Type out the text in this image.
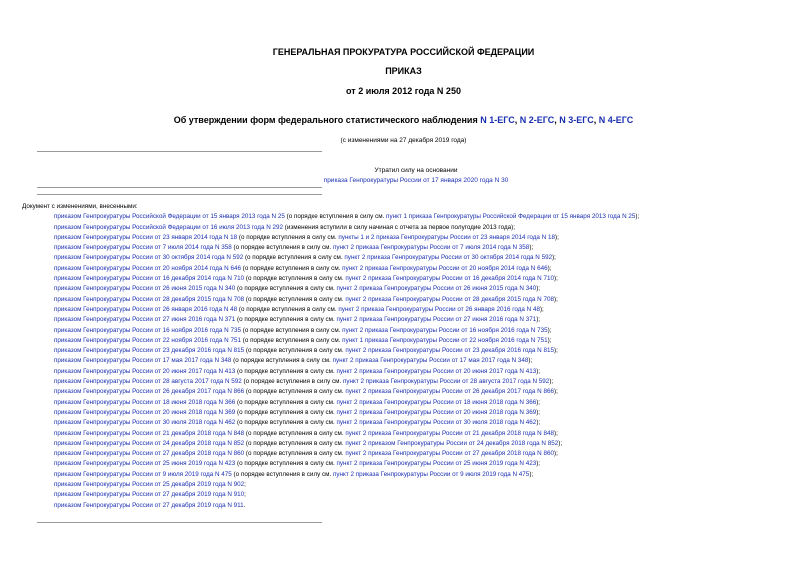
ГЕНЕРАЛЬНАЯ ПРОКУРАТУРА РОССИЙСКОЙ ФЕДЕРАЦИИ
ПРИКАЗ
от 2 июля 2012 года N 250
Об утверждении форм федерального статистического наблюдения N 1-ЕГС, N 2-ЕГС, N 3-ЕГС, N 4-ЕГС
(с изменениями на 27 декабря 2019 года)
Утратил силу на основании
приказа Генпрокуратуры России от 17 января 2020 года N 30
Документ с изменениями, внесенными:
приказом Генпрокуратуры Российской Федерации от 15 января 2013 года N 25 (о порядке вступления в силу см. пункт 1 приказа Генпрокуратуры Российской Федерации от 15 января 2013 года N 25);
приказом Генпрокуратуры Российской Федерации от 16 июля 2013 года N 292 (изменения вступили в силу начиная с отчета за первое полугодие 2013 года);
приказом Генпрокуратуры России от 23 января 2014 года N 18 (о порядке вступления в силу см. пункты 1 и 2 приказа Генпрокуратуры России от 23 января 2014 года N 18);
приказом Генпрокуратуры России от 7 июля 2014 года N 358 (о порядке вступления в силу см. пункт 2 приказа Генпрокуратуры России от 7 июля 2014 года N 358);
приказом Генпрокуратуры России от 30 октября 2014 года N 592 (о порядке вступления в силу см. пункт 2 приказа Генпрокуратуры России от 30 октября 2014 года N 592);
приказом Генпрокуратуры России от 20 ноября 2014 года N 646 (о порядке вступления в силу см. пункт 2 приказа Генпрокуратуры России от 20 ноября 2014 года N 646);
приказом Генпрокуратуры России от 16 декабря 2014 года N 710 (о порядке вступления в силу см. пункт 2 приказа Генпрокуратуры России от 16 декабря 2014 года N 710);
приказом Генпрокуратуры России от 26 июня 2015 года N 340 (о порядке вступления в силу см. пункт 2 приказа Генпрокуратуры России от 26 июня 2015 года N 340);
приказом Генпрокуратуры России от 28 декабря 2015 года N 708 (о порядке вступления в силу см. пункт 2 приказа Генпрокуратуры России от 28 декабря 2015 года N 708);
приказом Генпрокуратуры России от 26 января 2016 года N 48 (о порядке вступления в силу см. пункт 2 приказа Генпрокуратуры России от 26 января 2016 года N 48);
приказом Генпрокуратуры России от 27 июня 2016 года N 371 (о порядке вступления в силу см. пункт 2 приказа Генпрокуратуры России от 27 июня 2016 года N 371);
приказом Генпрокуратуры России от 16 ноября 2016 года N 735 (о порядке вступления в силу см. пункт 2 приказа Генпрокуратуры России от 16 ноября 2016 года N 735);
приказом Генпрокуратуры России от 22 ноября 2016 года N 751 (о порядке вступления в силу см. пункт 1 приказа Генпрокуратуры России от 22 ноября 2016 года N 751);
приказом Генпрокуратуры России от 23 декабря 2016 года N 815 (о порядке вступления в силу см. пункт 2 приказа Генпрокуратуры России от 23 декабря 2016 года N 815);
приказом Генпрокуратуры России от 17 мая 2017 года N 348 (о порядке вступления в силу см. пункт 2 приказа Генпрокуратуры России от 17 мая 2017 года N 348);
приказом Генпрокуратуры России от 20 июня 2017 года N 413 (о порядке вступления в силу см. пункт 2 приказа Генпрокуратуры России от 20 июня 2017 года N 413);
приказом Генпрокуратуры России от 28 августа 2017 года N 592 (о порядке вступления в силу см. пункт 2 приказа Генпрокуратуры России от 28 августа 2017 года N 592);
приказом Генпрокуратуры России от 26 декабря 2017 года N 866 (о порядке вступления в силу см. пункт 2 приказа Генпрокуратуры России от 26 декабря 2017 года N 866);
приказом Генпрокуратуры России от 18 июня 2018 года N 366 (о порядке вступления в силу см. пункт 2 приказа Генпрокуратуры России от 18 июня 2018 года N 366);
приказом Генпрокуратуры России от 20 июня 2018 года N 369 (о порядке вступления в силу см. пункт 2 приказа Генпрокуратуры России от 20 июня 2018 года N 369);
приказом Генпрокуратуры России от 30 июля 2018 года N 462 (о порядке вступления в силу см. пункт 2 приказа Генпрокуратуры России от 30 июля 2018 года N 462);
приказом Генпрокуратуры России от 21 декабря 2018 года N 848 (о порядке вступления в силу см. пункт 2 приказа Генпрокуратуры России от 21 декабря 2018 года N 848);
приказом Генпрокуратуры России от 24 декабря 2018 года N 852 (о порядке вступления в силу см. пункт 2 приказом Генпрокуратуры России от 24 декабря 2018 года N 852);
приказом Генпрокуратуры России от 27 декабря 2018 года N 860 (о порядке вступления в силу см. пункт 2 приказа Генпрокуратуры России от 27 декабря 2018 года N 860);
приказом Генпрокуратуры России от 25 июня 2019 года N 423 (о порядке вступления в силу см. пункт 2 приказа Генпрокуратуры России от 25 июня 2019 года N 423);
приказом Генпрокуратуры России от 9 июля 2019 года N 475 (о порядке вступления в силу см. пункт 2 приказа Генпрокуратуры России от 9 июля 2019 года N 475);
приказом Генпрокуратуры России от 25 декабря 2019 года N 902;
приказом Генпрокуратуры России от 27 декабря 2019 года N 910;
приказом Генпрокуратуры России от 27 декабря 2019 года N 911.
